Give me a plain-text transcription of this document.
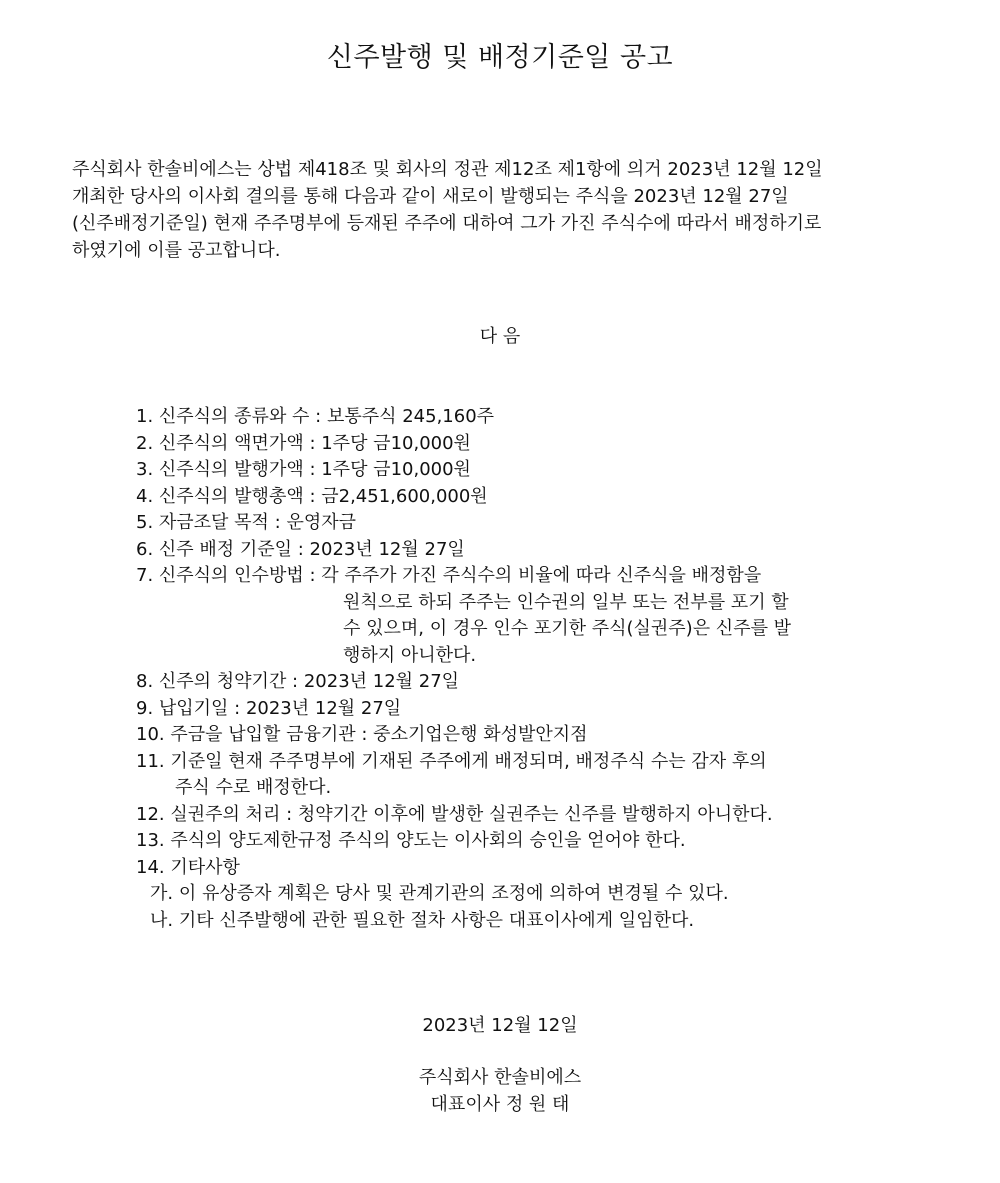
신주발행 및 배정기준일 공고
주식회사 한솔비에스는 상법 제418조 및 회사의 정관 제12조 제1항에 의거 2023년 12월 12일
개최한 당사의 이사회 결의를 통해 다음과 같이 새로이 발행되는 주식을 2023년 12월 27일
(신주배정기준일) 현재 주주명부에 등재된 주주에 대하여 그가 가진 주식수에 따라서 배정하기로
하였기에 이를 공고합니다.
다 음
1. 신주식의 종류와 수 : 보통주식 245,160주
2. 신주식의 액면가액 : 1주당 금10,000원
3. 신주식의 발행가액 : 1주당 금10,000원
4. 신주식의 발행총액 : 금2,451,600,000원
5. 자금조달 목적 : 운영자금
6. 신주 배정 기준일 : 2023년 12월 27일
7. 신주식의 인수방법 : 각 주주가 가진 주식수의 비율에 따라 신주식을 배정함을
원칙으로 하되 주주는 인수권의 일부 또는 전부를 포기 할
수 있으며, 이 경우 인수 포기한 주식(실권주)은 신주를 발
행하지 아니한다.
8. 신주의 청약기간 : 2023년 12월 27일
9. 납입기일 : 2023년 12월 27일
10. 주금을 납입할 금융기관 : 중소기업은행 화성발안지점
11. 기준일 현재 주주명부에 기재된 주주에게 배정되며, 배정주식 수는 감자 후의
주식 수로 배정한다.
12. 실권주의 처리 : 청약기간 이후에 발생한 실권주는 신주를 발행하지 아니한다.
13. 주식의 양도제한규정 주식의 양도는 이사회의 승인을 얻어야 한다.
14. 기타사항
가. 이 유상증자 계획은 당사 및 관계기관의 조정에 의하여 변경될 수 있다.
나. 기타 신주발행에 관한 필요한 절차 사항은 대표이사에게 일임한다.
2023년 12월 12일
주식회사 한솔비에스
대표이사 정 원 태
